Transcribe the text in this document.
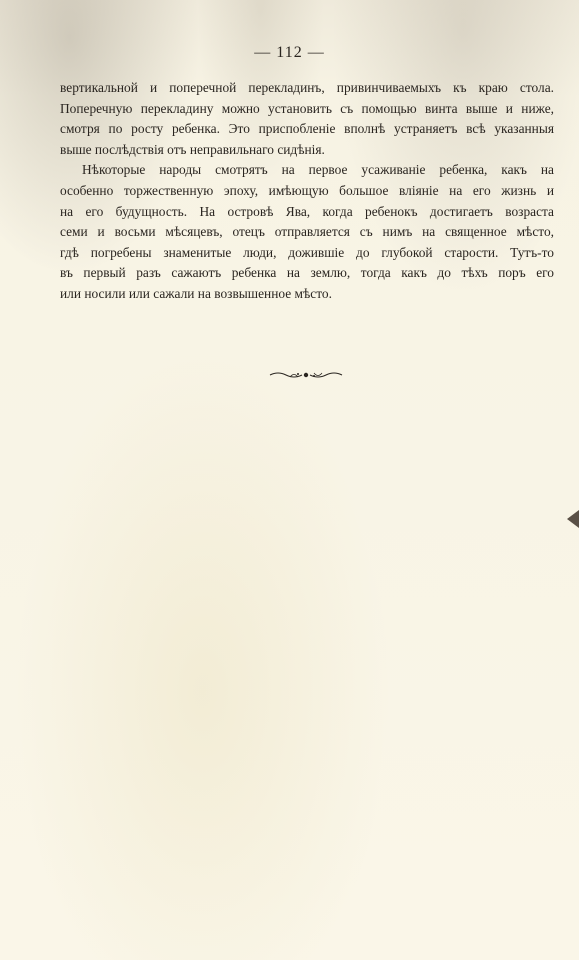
— 112 —
вертикальной и поперечной перекладинъ, привинчиваемыхъ къ краю стола.
Поперечную перекладину можно установить съ помощью винта выше и ниже,
смотря по росту ребенка. Это приспобленіе вполнѣ устраняетъ всѣ указанныя
выше послѣдствія отъ неправильнаго сидѣнія.
Нѣкоторые народы смотрятъ на первое усаживаніе ребенка, какъ на
особенно торжественную эпоху, имѣющую большое вліяніе на его жизнь и
на его будущность. На островѣ Ява, когда ребенокъ достигаетъ возраста
семи и восьми мѣсяцевъ, отецъ отправляется съ нимъ на священное мѣсто,
гдѣ погребены знаменитые люди, дожившіе до глубокой старости. Тутъ-то
въ первый разъ сажаютъ ребенка на землю, тогда какъ до тѣхъ поръ его
или носили или сажали на возвышенное мѣсто.
